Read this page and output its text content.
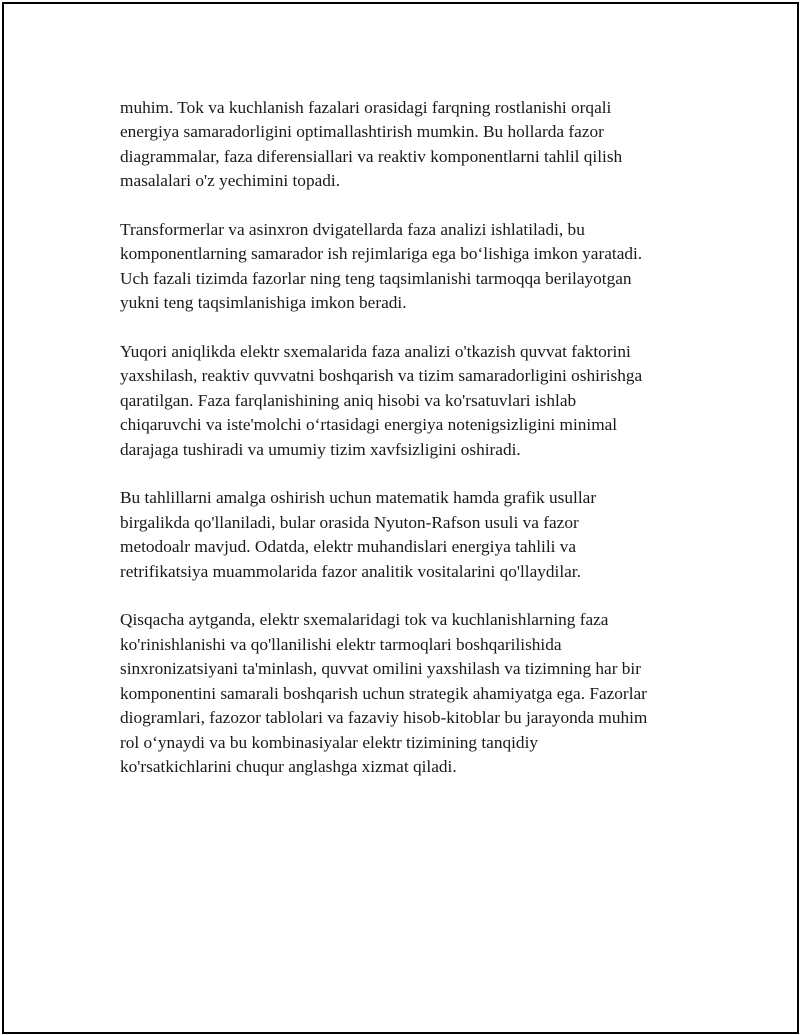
muhim. Tok va kuchlanish fazalari orasidagi farqning rostlanishi orqali
energiya samaradorligini optimallashtirish mumkin. Bu hollarda fazor
diagrammalar, faza diferensiallari va reaktiv komponentlarni tahlil qilish
masalalari o'z yechimini topadi.

Transformerlar va asinxron dvigatellarda faza analizi ishlatiladi, bu
komponentlarning samarador ish rejimlariga ega bo‘lishiga imkon yaratadi.
Uch fazali tizimda fazorlar ning teng taqsimlanishi tarmoqqa berilayotgan
yukni teng taqsimlanishiga imkon beradi.

Yuqori aniqlikda elektr sxemalarida faza analizi o'tkazish quvvat faktorini
yaxshilash, reaktiv quvvatni boshqarish va tizim samaradorligini oshirishga
qaratilgan. Faza farqlanishining aniq hisobi va ko'rsatuvlari ishlab
chiqaruvchi va iste'molchi o‘rtasidagi energiya notenigsizligini minimal
darajaga tushiradi va umumiy tizim xavfsizligini oshiradi.

Bu tahlillarni amalga oshirish uchun matematik hamda grafik usullar
birgalikda qo'llaniladi, bular orasida Nyuton-Rafson usuli va fazor
metodoalr mavjud. Odatda, elektr muhandislari energiya tahlili va
retrifikatsiya muammolarida fazor analitik vositalarini qo'llaydilar.

Qisqacha aytganda, elektr sxemalaridagi tok va kuchlanishlarning faza
ko'rinishlanishi va qo'llanilishi elektr tarmoqlari boshqarilishida
sinxronizatsiyani ta'minlash, quvvat omilini yaxshilash va tizimning har bir
komponentini samarali boshqarish uchun strategik ahamiyatga ega. Fazorlar
diogramlari, fazozor tablolari va fazaviy hisob-kitoblar bu jarayonda muhim
rol o‘ynaydi va bu kombinasiyalar elektr tizimining tanqidiy
ko'rsatkichlarini chuqur anglashga xizmat qiladi.
